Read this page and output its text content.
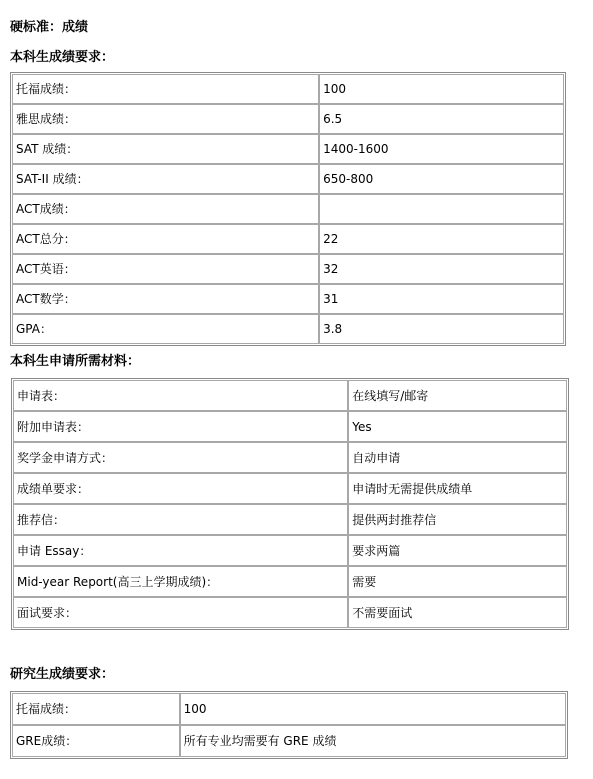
硬标准：成绩
本科生成绩要求：
托福成绩：	100
雅思成绩：	6.5
SAT 成绩：	1400-1600
SAT-II 成绩：	650-800
ACT成绩：	
ACT总分：	22
ACT英语：	32
ACT数学：	31
GPA：	3.8
本科生申请所需材料：
申请表：	在线填写/邮寄
附加申请表：	Yes
奖学金申请方式：	自动申请
成绩单要求：	申请时无需提供成绩单
推荐信：	提供两封推荐信
申请 Essay：	要求两篇
Mid-year Report(高三上学期成绩)：	需要
面试要求：	不需要面试
研究生成绩要求：
托福成绩：	100
GRE成绩：	所有专业均需要有 GRE 成绩
